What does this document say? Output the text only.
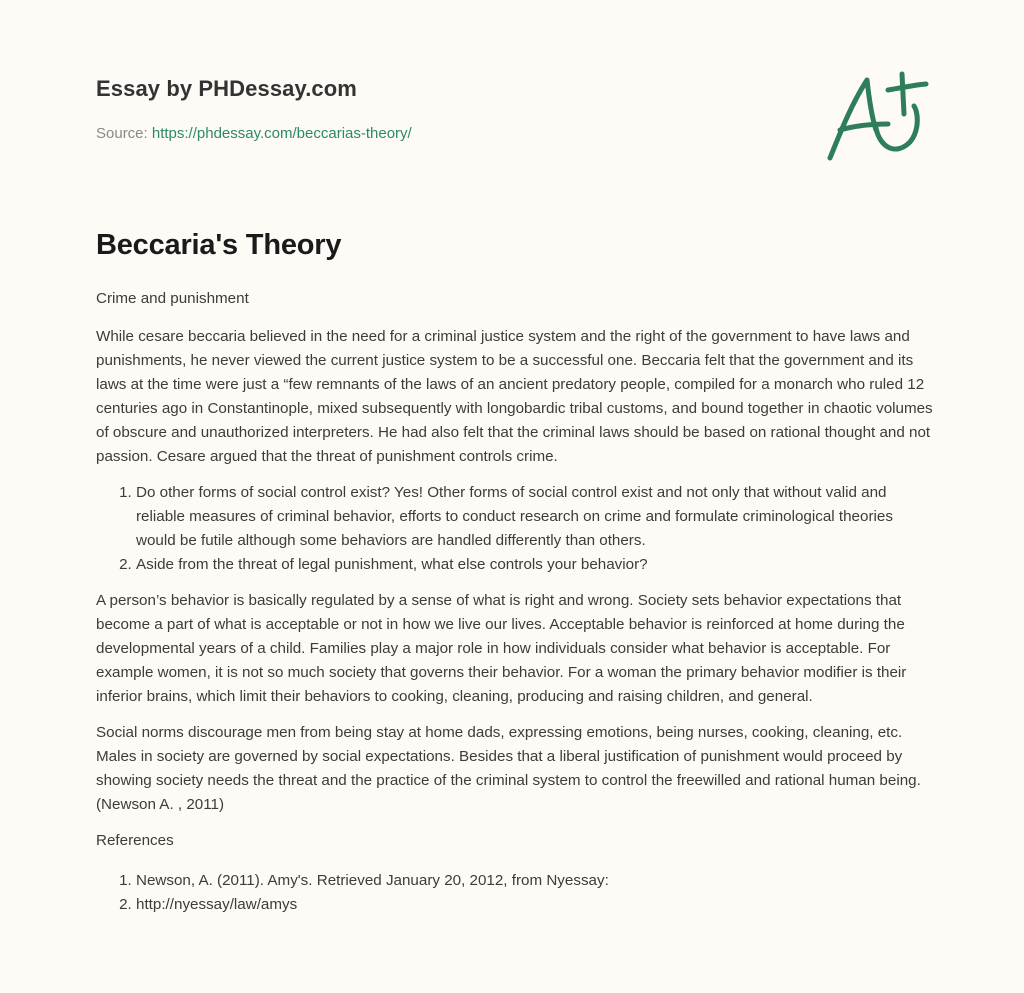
Essay by PHDessay.com
Source: https://phdessay.com/beccarias-theory/
Beccaria's Theory

Crime and punishment

While cesare beccaria believed in the need for a criminal justice system and the right of the government to have laws and punishments, he never viewed the current justice system to be a successful one. Beccaria felt that the government and its laws at the time were just a “few remnants of the laws of an ancient predatory people, compiled for a monarch who ruled 12 centuries ago in Constantinople, mixed subsequently with longobardic tribal customs, and bound together in chaotic volumes of obscure and unauthorized interpreters. He had also felt that the criminal laws should be based on rational thought and not passion. Cesare argued that the threat of punishment controls crime.

1. Do other forms of social control exist? Yes! Other forms of social control exist and not only that without valid and reliable measures of criminal behavior, efforts to conduct research on crime and formulate criminological theories would be futile although some behaviors are handled differently than others.
2. Aside from the threat of legal punishment, what else controls your behavior?

A person’s behavior is basically regulated by a sense of what is right and wrong. Society sets behavior expectations that become a part of what is acceptable or not in how we live our lives. Acceptable behavior is reinforced at home during the developmental years of a child. Families play a major role in how individuals consider what behavior is acceptable. For example women, it is not so much society that governs their behavior. For a woman the primary behavior modifier is their inferior brains, which limit their behaviors to cooking, cleaning, producing and raising children, and general.

Social norms discourage men from being stay at home dads, expressing emotions, being nurses, cooking, cleaning, etc. Males in society are governed by social expectations. Besides that a liberal justification of punishment would proceed by showing society needs the threat and the practice of the criminal system to control the freewilled and rational human being. (Newson A. , 2011)

References

1. Newson, A. (2011). Amy's. Retrieved January 20, 2012, from Nyessay:
2. http://nyessay/law/amys
